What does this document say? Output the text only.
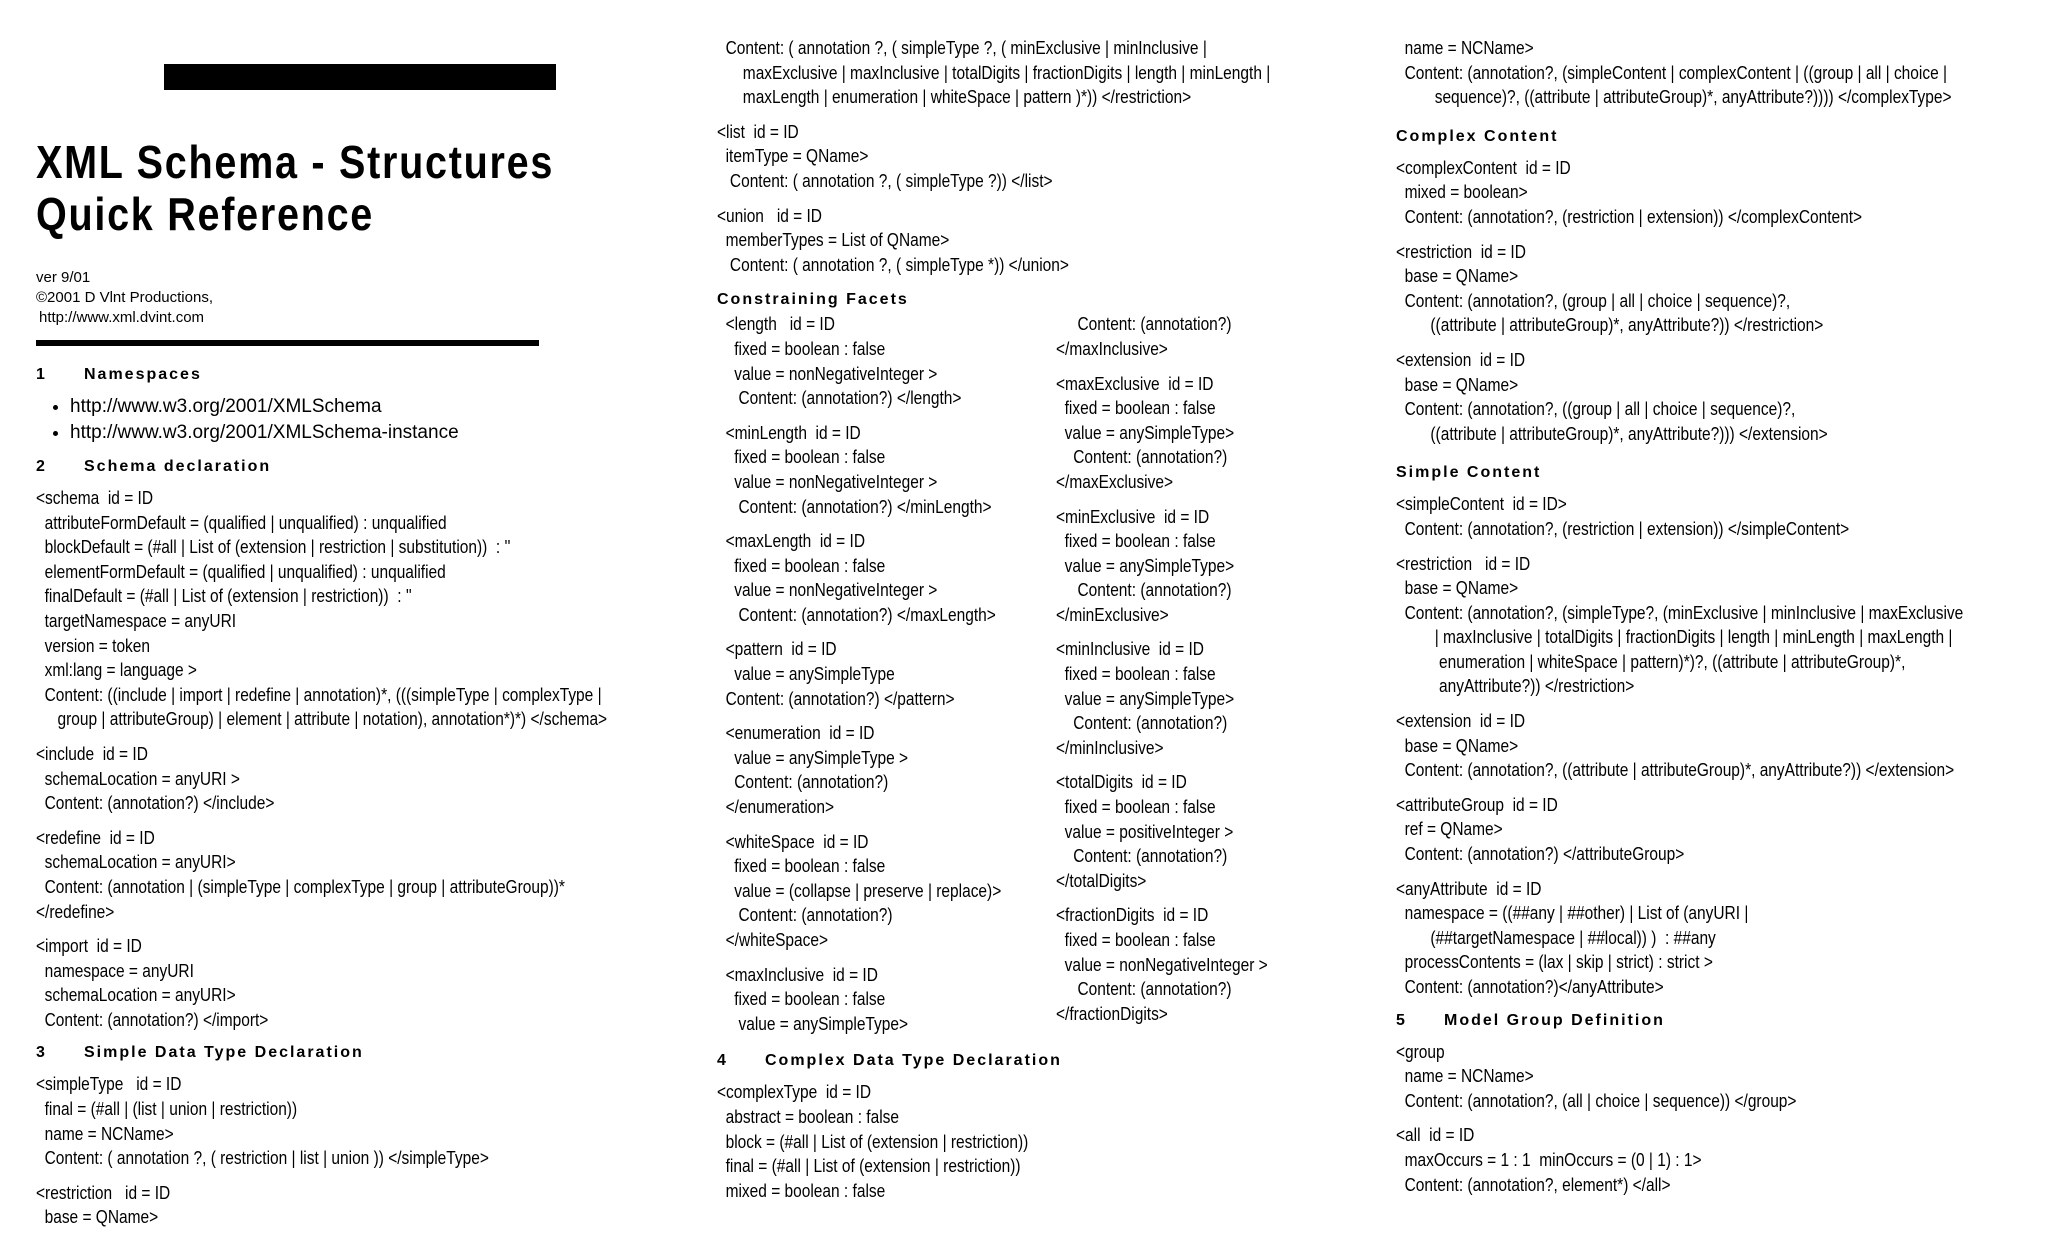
XML Schema - Structures
Quick Reference

ver 9/01

©2001 D Vlnt Productions,

http://www.xml.dvint.com

1 Namespaces
• http://www.w3.org/2001/XMLSchema
• http://www.w3.org/2001/XMLSchema-instance
2 Schema declaration
<schema  id = ID
attributeFormDefault = (qualified | unqualified) : unqualified
blockDefault = (#all | List of (extension | restriction | substitution))  : ''
elementFormDefault = (qualified | unqualified) : unqualified
finalDefault = (#all | List of (extension | restriction))  : ''
targetNamespace = anyURI
version = token
xml:lang = language >
Content: ((include | import | redefine | annotation)*, (((simpleType | complexType |
group | attributeGroup) | element | attribute | notation), annotation*)*) </schema>
<include  id = ID
schemaLocation = anyURI >
Content: (annotation?) </include>
<redefine  id = ID
schemaLocation = anyURI>
Content: (annotation | (simpleType | complexType | group | attributeGroup))*
</redefine>
<import  id = ID
namespace = anyURI
schemaLocation = anyURI>
Content: (annotation?) </import>
3 Simple Data Type Declaration
<simpleType   id = ID
final = (#all | (list | union | restriction))
name = NCName>
Content: ( annotation ?, ( restriction | list | union )) </simpleType>
<restriction   id = ID
base = QName>
Content: ( annotation ?, ( simpleType ?, ( minExclusive | minInclusive |
maxExclusive | maxInclusive | totalDigits | fractionDigits | length | minLength |
maxLength | enumeration | whiteSpace | pattern )*)) </restriction>
<list  id = ID
itemType = QName>
Content: ( annotation ?, ( simpleType ?)) </list>
<union   id = ID
memberTypes = List of QName>
Content: ( annotation ?, ( simpleType *)) </union>
Constraining Facets
<length   id = ID
fixed = boolean : false
value = nonNegativeInteger >
Content: (annotation?) </length>
<minLength  id = ID
fixed = boolean : false
value = nonNegativeInteger >
Content: (annotation?) </minLength>
<maxLength  id = ID
fixed = boolean : false
value = nonNegativeInteger >
Content: (annotation?) </maxLength>
<pattern  id = ID
value = anySimpleType
Content: (annotation?) </pattern>
<enumeration  id = ID
value = anySimpleType >
Content: (annotation?)
</enumeration>
<whiteSpace  id = ID
fixed = boolean : false
value = (collapse | preserve | replace)>
Content: (annotation?)
</whiteSpace>
<maxInclusive  id = ID
fixed = boolean : false
value = anySimpleType>
Content: (annotation?)
</maxInclusive>
<maxExclusive  id = ID
fixed = boolean : false
value = anySimpleType>
Content: (annotation?)
</maxExclusive>
<minExclusive  id = ID
fixed = boolean : false
value = anySimpleType>
Content: (annotation?)
</minExclusive>
<minInclusive  id = ID
fixed = boolean : false
value = anySimpleType>
Content: (annotation?)
</minInclusive>
<totalDigits  id = ID
fixed = boolean : false
value = positiveInteger >
Content: (annotation?)
</totalDigits>
<fractionDigits  id = ID
fixed = boolean : false
value = nonNegativeInteger >
Content: (annotation?)
</fractionDigits>
4 Complex Data Type Declaration
<complexType  id = ID
abstract = boolean : false
block = (#all | List of (extension | restriction))
final = (#all | List of (extension | restriction))
mixed = boolean : false
name = NCName>
Content: (annotation?, (simpleContent | complexContent | ((group | all | choice |
sequence)?, ((attribute | attributeGroup)*, anyAttribute?)))) </complexType>
Complex Content
<complexContent  id = ID
mixed = boolean>
Content: (annotation?, (restriction | extension)) </complexContent>
<restriction  id = ID
base = QName>
Content: (annotation?, (group | all | choice | sequence)?,
((attribute | attributeGroup)*, anyAttribute?)) </restriction>
<extension  id = ID
base = QName>
Content: (annotation?, ((group | all | choice | sequence)?,
((attribute | attributeGroup)*, anyAttribute?))) </extension>
Simple Content
<simpleContent  id = ID>
Content: (annotation?, (restriction | extension)) </simpleContent>
<restriction   id = ID
base = QName>
Content: (annotation?, (simpleType?, (minExclusive | minInclusive | maxExclusive
| maxInclusive | totalDigits | fractionDigits | length | minLength | maxLength |
enumeration | whiteSpace | pattern)*)?, ((attribute | attributeGroup)*,
anyAttribute?)) </restriction>
<extension  id = ID
base = QName>
Content: (annotation?, ((attribute | attributeGroup)*, anyAttribute?)) </extension>
<attributeGroup  id = ID
ref = QName>
Content: (annotation?) </attributeGroup>
<anyAttribute  id = ID
namespace = ((##any | ##other) | List of (anyURI |
(##targetNamespace | ##local)) )  : ##any
processContents = (lax | skip | strict) : strict >
Content: (annotation?)</anyAttribute>
5 Model Group Definition
<group
name = NCName>
Content: (annotation?, (all | choice | sequence)) </group>
<all  id = ID
maxOccurs = 1 : 1  minOccurs = (0 | 1) : 1>
Content: (annotation?, element*) </all>
